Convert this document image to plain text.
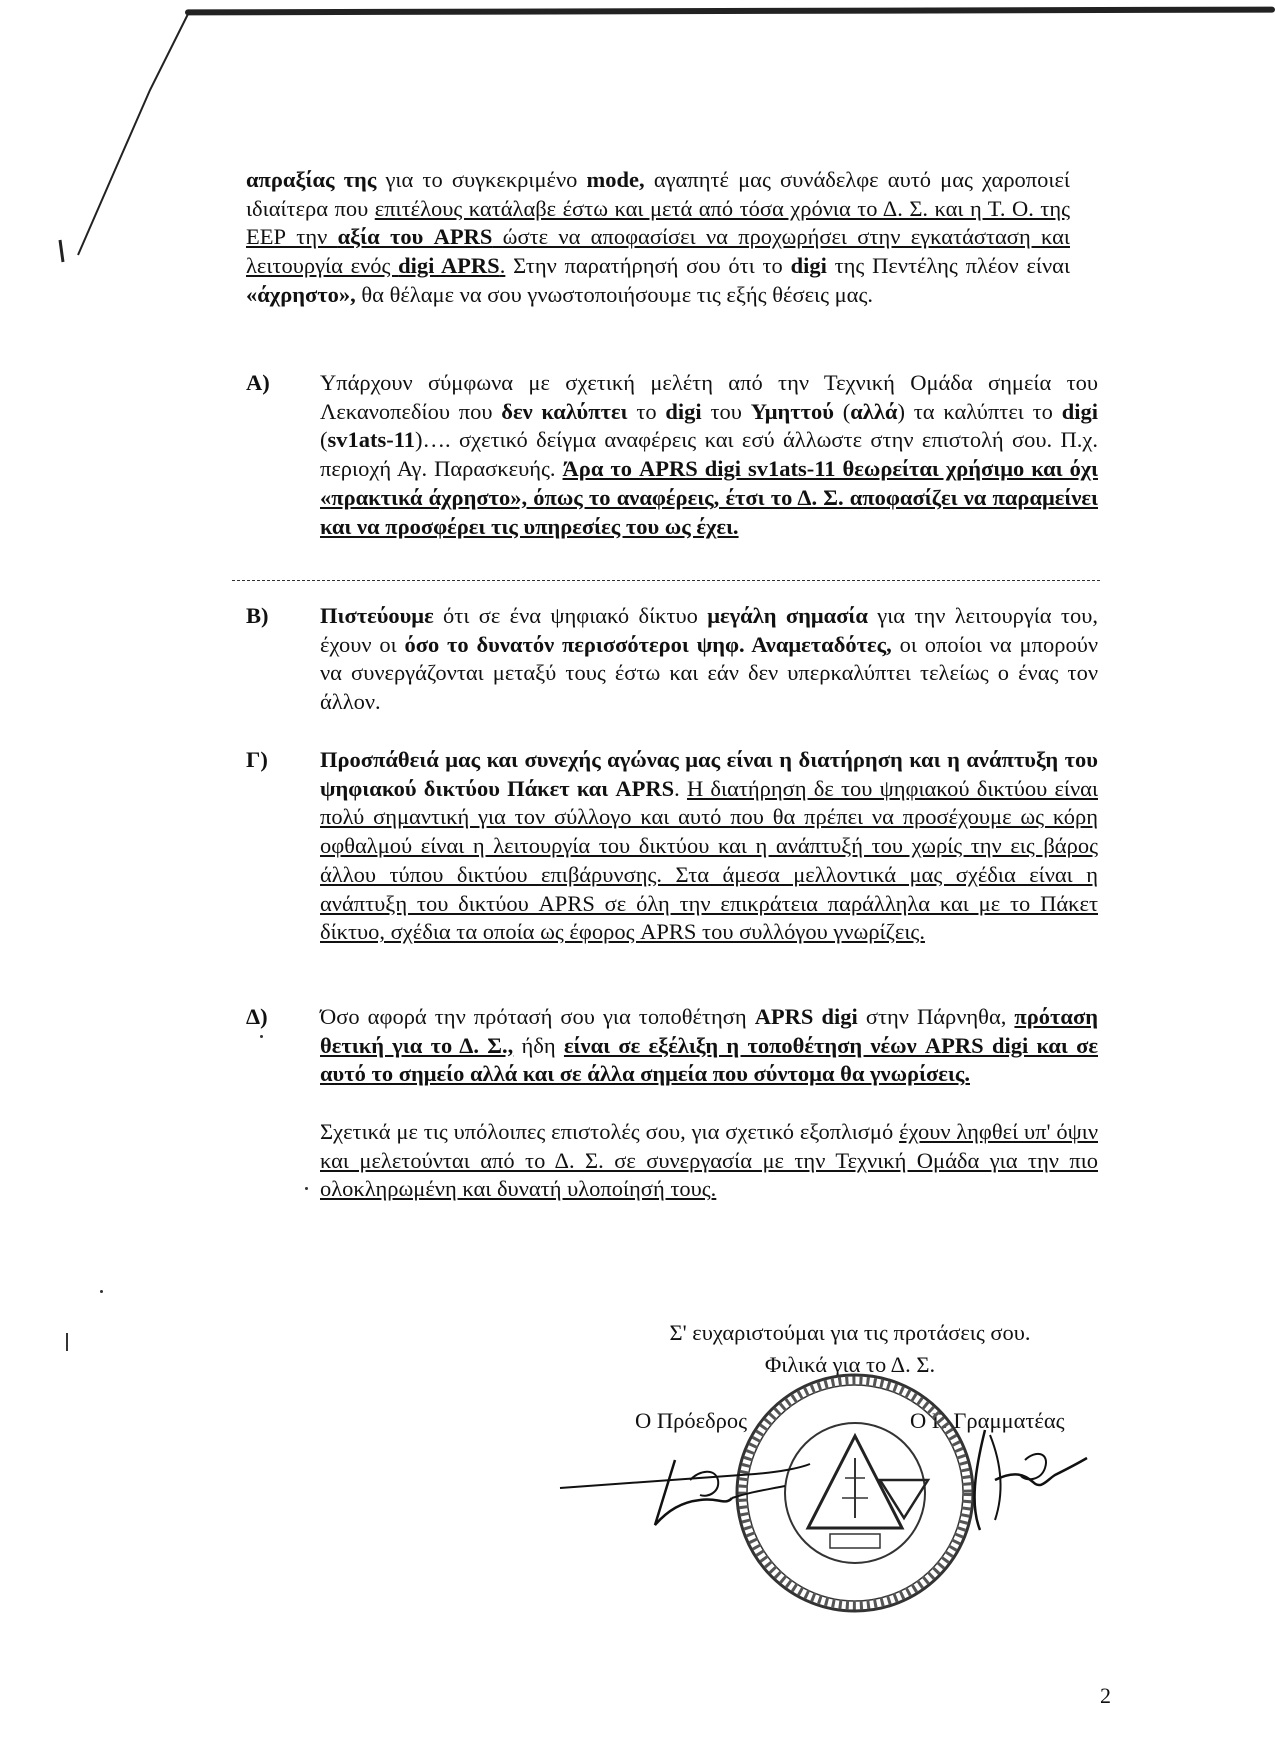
απραξίας της για το συγκεκριμένο mode, αγαπητέ μας συνάδελφε αυτό μας χαροποιεί ιδιαίτερα που επιτέλους κατάλαβε έστω και μετά από τόσα χρόνια το Δ. Σ. και η Τ. Ο. της ΕΕΡ την αξία του APRS ώστε να αποφασίσει να προχωρήσει στην εγκατάσταση και λειτουργία ενός digi APRS. Στην παρατήρησή σου ότι το digi της Πεντέλης πλέον είναι «άχρηστο», θα θέλαμε να σου γνωστοποιήσουμε τις εξής θέσεις μας.
Α) Υπάρχουν σύμφωνα με σχετική μελέτη από την Τεχνική Ομάδα σημεία του Λεκανοπεδίου που δεν καλύπτει το digi του Υμηττού (αλλά) τα καλύπτει το digi (sv1ats-11)…. σχετικό δείγμα αναφέρεις και εσύ άλλωστε στην επιστολή σου. Π.χ. περιοχή Αγ. Παρασκευής. Άρα το APRS digi sv1ats-11 θεωρείται χρήσιμο και όχι «πρακτικά άχρηστο», όπως το αναφέρεις, έτσι το Δ. Σ. αποφασίζει να παραμείνει και να προσφέρει τις υπηρεσίες του ως έχει.
Β) Πιστεύουμε ότι σε ένα ψηφιακό δίκτυο μεγάλη σημασία για την λειτουργία του, έχουν οι όσο το δυνατόν περισσότεροι ψηφ. Αναμεταδότες, οι οποίοι να μπορούν να συνεργάζονται μεταξύ τους έστω και εάν δεν υπερκαλύπτει τελείως ο ένας τον άλλον.
Γ) Προσπάθειά μας και συνεχής αγώνας μας είναι η διατήρηση και η ανάπτυξη του ψηφιακού δικτύου Πάκετ και APRS. Η διατήρηση δε του ψηφιακού δικτύου είναι πολύ σημαντική για τον σύλλογο και αυτό που θα πρέπει να προσέχουμε ως κόρη οφθαλμού είναι η λειτουργία του δικτύου και η ανάπτυξή του χωρίς την εις βάρος άλλου τύπου δικτύου επιβάρυνσης. Στα άμεσα μελλοντικά μας σχέδια είναι η ανάπτυξη του δικτύου APRS σε όλη την επικράτεια παράλληλα και με το Πάκετ δίκτυο, σχέδια τα οποία ως έφορος APRS του συλλόγου γνωρίζεις.
Δ) Όσο αφορά την πρότασή σου για τοποθέτηση APRS digi στην Πάρνηθα, πρόταση θετική για το Δ. Σ., ήδη είναι σε εξέλιξη η τοποθέτηση νέων APRS digi και σε αυτό το σημείο αλλά και σε άλλα σημεία που σύντομα θα γνωρίσεις.
Σχετικά με τις υπόλοιπες επιστολές σου, για σχετικό εξοπλισμό έχουν ληφθεί υπ' όψιν και μελετούνται από το Δ. Σ. σε συνεργασία με την Τεχνική Ομάδα για την πιο ολοκληρωμένη και δυνατή υλοποίησή τους.
Σ' ευχαριστούμαι για τις προτάσεις σου.
Φιλικά για το Δ. Σ.
Ο Πρόεδρος	Ο Γ. Γραμματέας
2
